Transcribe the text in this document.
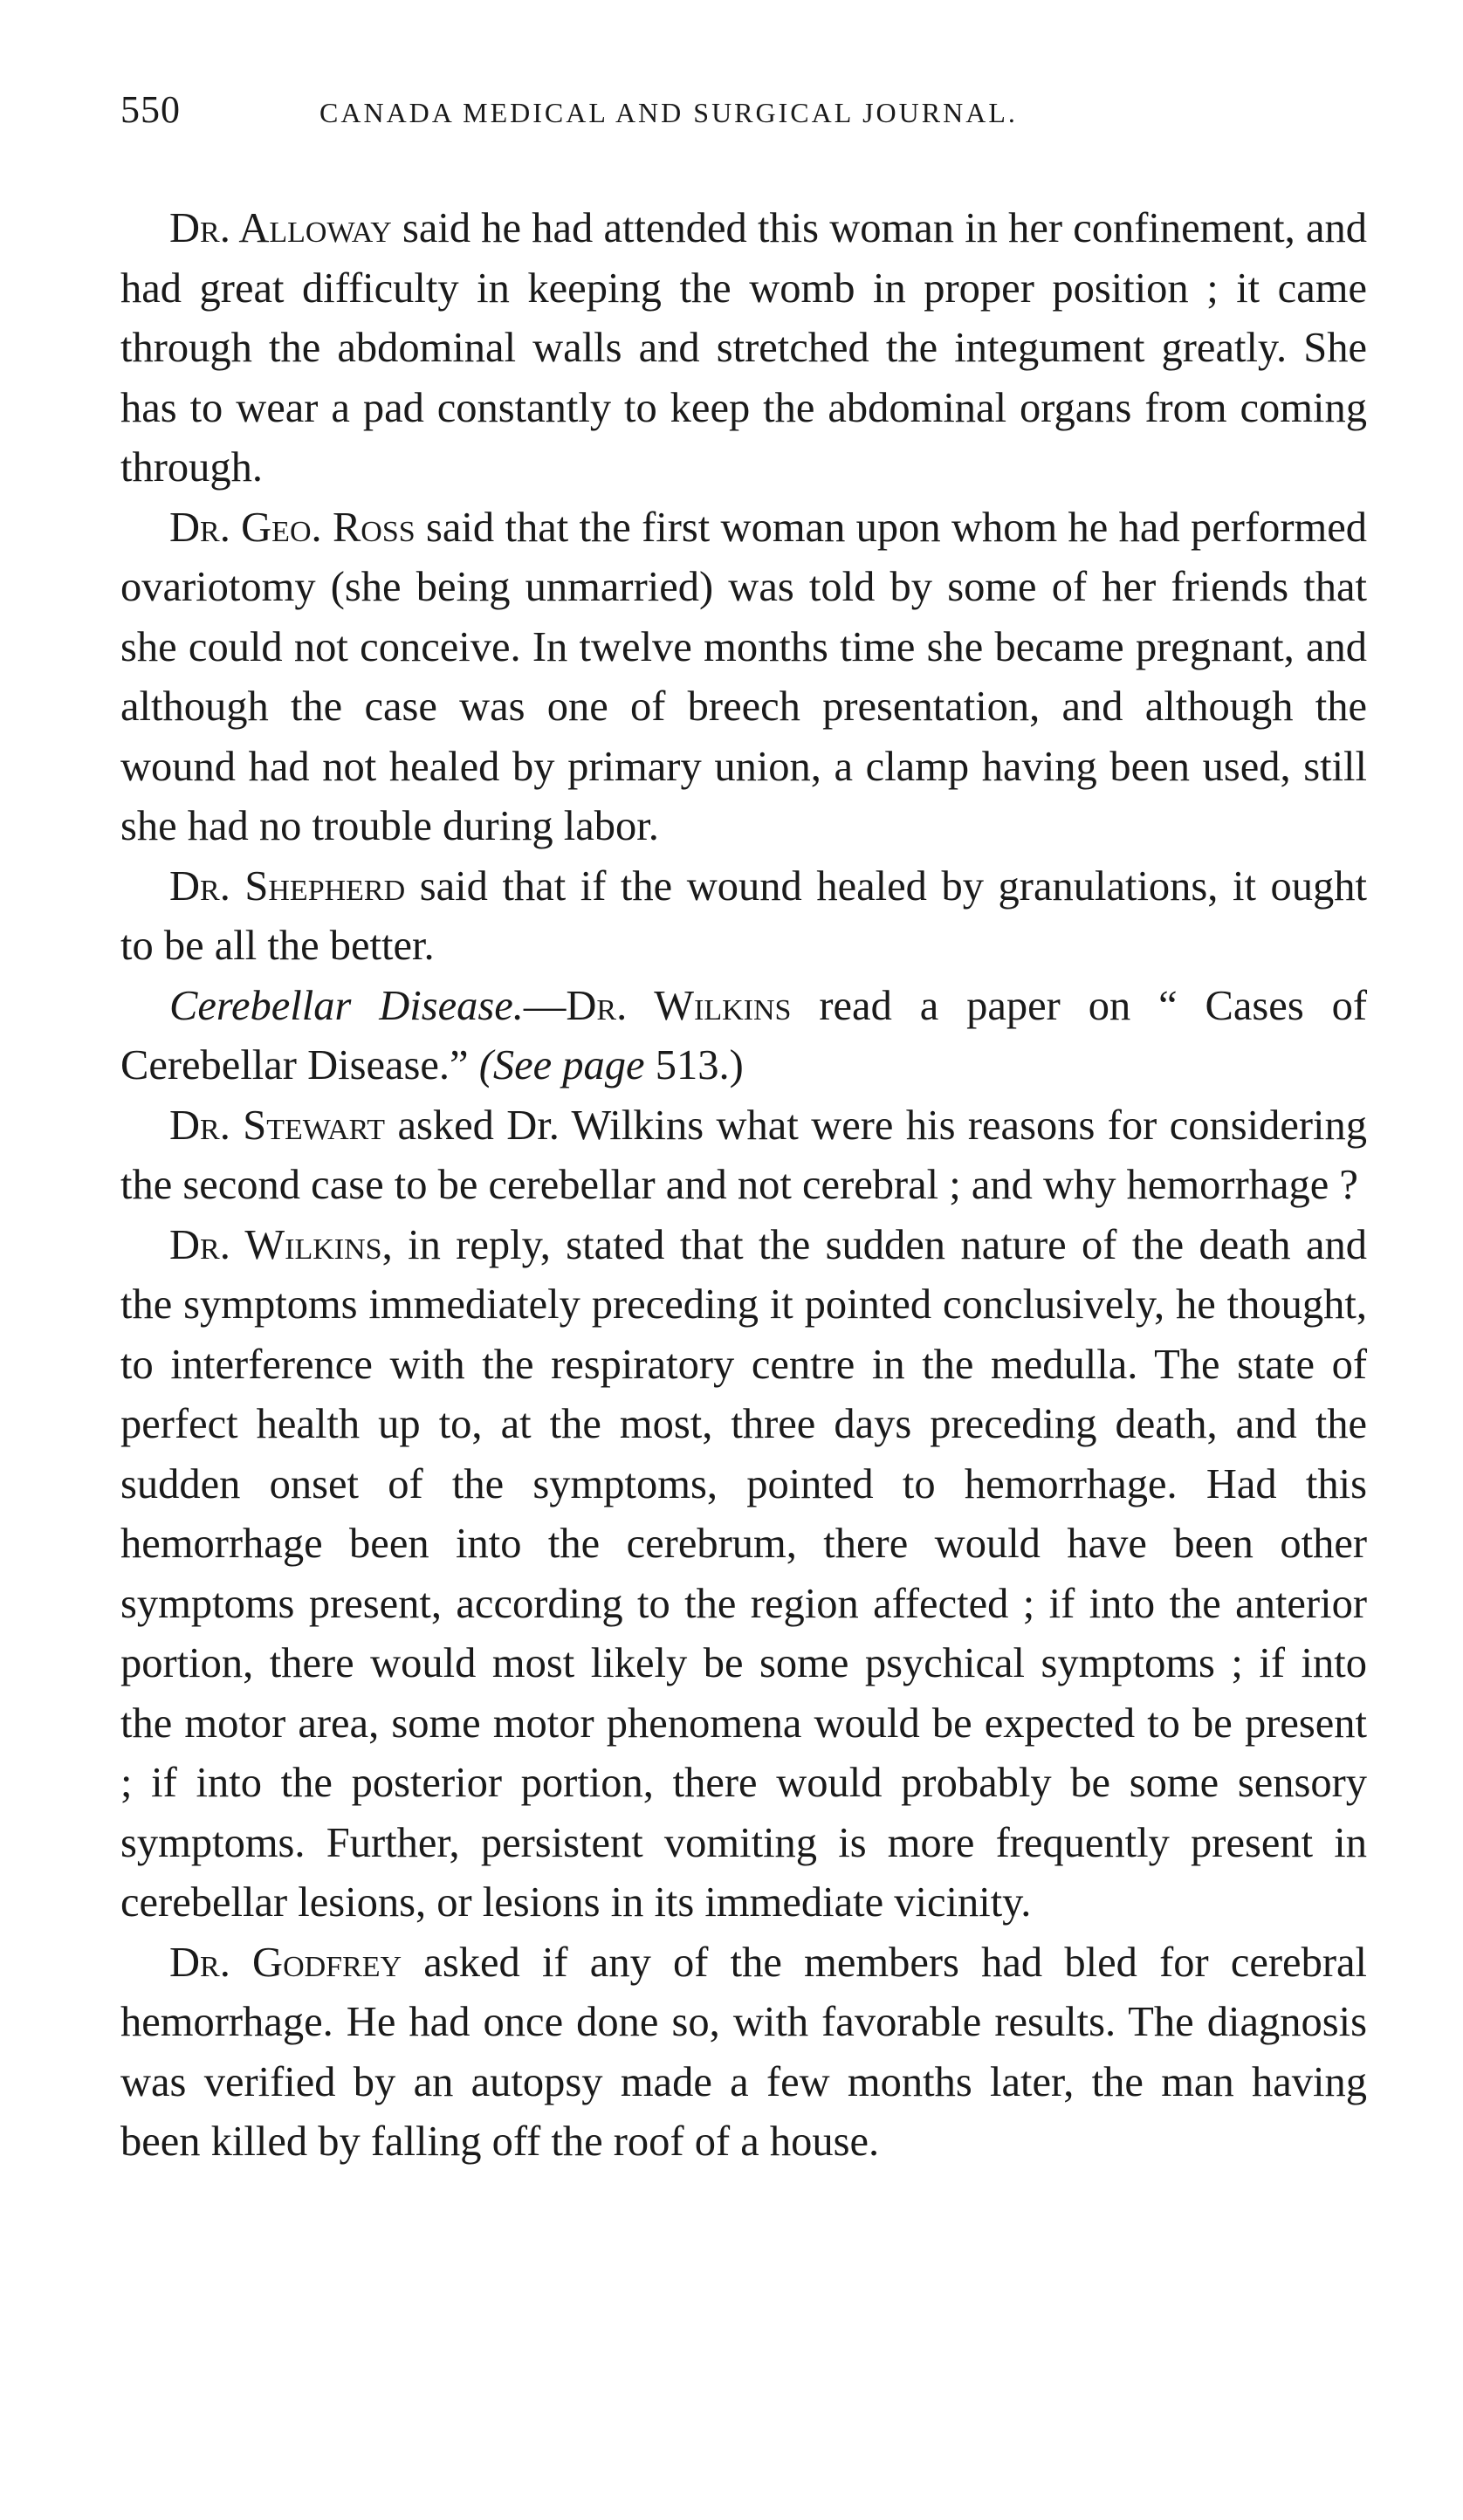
550	CANADA MEDICAL AND SURGICAL JOURNAL.

Dr. Alloway said he had attended this woman in her confinement, and had great difficulty in keeping the womb in proper position ; it came through the abdominal walls and stretched the integument greatly. She has to wear a pad constantly to keep the abdominal organs from coming through.

Dr. Geo. Ross said that the first woman upon whom he had performed ovariotomy (she being unmarried) was told by some of her friends that she could not conceive. In twelve months time she became pregnant, and although the case was one of breech presentation, and although the wound had not healed by primary union, a clamp having been used, still she had no trouble during labor.

Dr. Shepherd said that if the wound healed by granulations, it ought to be all the better.

Cerebellar Disease.—Dr. Wilkins read a paper on “ Cases of Cerebellar Disease.” (See page 513.)

Dr. Stewart asked Dr. Wilkins what were his reasons for considering the second case to be cerebellar and not cerebral ; and why hemorrhage ?

Dr. Wilkins, in reply, stated that the sudden nature of the death and the symptoms immediately preceding it pointed conclusively, he thought, to interference with the respiratory centre in the medulla. The state of perfect health up to, at the most, three days preceding death, and the sudden onset of the symptoms, pointed to hemorrhage. Had this hemorrhage been into the cerebrum, there would have been other symptoms present, according to the region affected ; if into the anterior portion, there would most likely be some psychical symptoms ; if into the motor area, some motor phenomena would be expected to be present ; if into the posterior portion, there would probably be some sensory symptoms. Further, persistent vomiting is more frequently present in cerebellar lesions, or lesions in its immediate vicinity.

Dr. Godfrey asked if any of the members had bled for cerebral hemorrhage. He had once done so, with favorable results. The diagnosis was verified by an autopsy made a few months later, the man having been killed by falling off the roof of a house.
